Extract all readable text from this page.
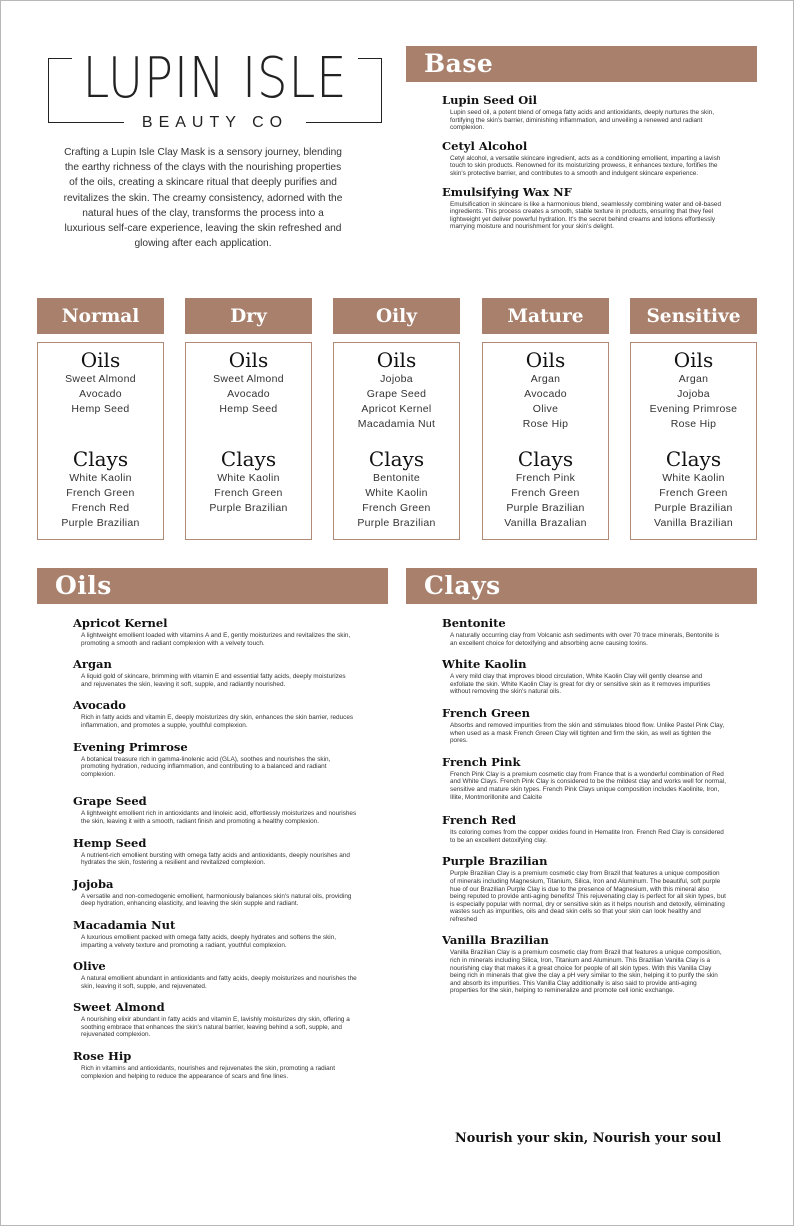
LUPIN ISLE
BEAUTY CO
Crafting a Lupin Isle Clay Mask is a sensory journey, blending the earthy richness of the clays with the nourishing properties of the oils, creating a skincare ritual that deeply purifies and revitalizes the skin. The creamy consistency, adorned with the natural hues of the clay, transforms the process into a luxurious self-care experience, leaving the skin refreshed and glowing after each application.
Base
Lupin Seed Oil
Lupin seed oil, a potent blend of omega fatty acids and antioxidants, deeply nurtures the skin, fortifying the skin's barrier, diminishing inflammation, and unveiling a renewed and radiant complexion.
Cetyl Alcohol
Cetyl alcohol, a versatile skincare ingredient, acts as a conditioning emollient, imparting a lavish touch to skin products. Renowned for its moisturizing prowess, it enhances texture, fortifies the skin's protective barrier, and contributes to a smooth and indulgent skincare experience.
Emulsifying Wax NF
Emulsification in skincare is like a harmonious blend, seamlessly combining water and oil-based ingredients. This process creates a smooth, stable texture in products, ensuring that they feel lightweight yet deliver powerful hydration. It's the secret behind creams and lotions effortlessly marrying moisture and nourishment for your skin's delight.
Normal
Oils
Sweet Almond
Avocado
Hemp Seed
Clays
White Kaolin
French Green
French Red
Purple Brazilian
Dry
Oils
Sweet Almond
Avocado
Hemp Seed
Clays
White Kaolin
French Green
Purple Brazilian
Oily
Oils
Jojoba
Grape Seed
Apricot Kernel
Macadamia Nut
Clays
Bentonite
White Kaolin
French Green
Purple Brazilian
Mature
Oils
Argan
Avocado
Olive
Rose Hip
Clays
French Pink
French Green
Purple Brazilian
Vanilla Brazalian
Sensitive
Oils
Argan
Jojoba
Evening Primrose
Rose Hip
Clays
White Kaolin
French Green
Purple Brazilian
Vanilla Brazilian
Oils
Apricot Kernel
A lightweight emollient loaded with vitamins A and E, gently moisturizes and revitalizes the skin, promoting a smooth and radiant complexion with a velvety touch.
Argan
A liquid gold of skincare, brimming with vitamin E and essential fatty acids, deeply moisturizes and rejuvenates the skin, leaving it soft, supple, and radiantly nourished.
Avocado
Rich in fatty acids and vitamin E, deeply moisturizes dry skin, enhances the skin barrier, reduces inflammation, and promotes a supple, youthful complexion.
Evening Primrose
A botanical treasure rich in gamma-linolenic acid (GLA), soothes and nourishes the skin, promoting hydration, reducing inflammation, and contributing to a balanced and radiant complexion.
Grape Seed
A lightweight emollient rich in antioxidants and linoleic acid, effortlessly moisturizes and nourishes the skin, leaving it with a smooth, radiant finish and promoting a healthy complexion.
Hemp Seed
A nutrient-rich emollient bursting with omega fatty acids and antioxidants, deeply nourishes and hydrates the skin, fostering a resilient and revitalized complexion.
Jojoba
A versatile and non-comedogenic emollient, harmoniously balances skin's natural oils, providing deep hydration, enhancing elasticity, and leaving the skin supple and radiant.
Macadamia Nut
A luxurious emollient packed with omega fatty acids, deeply hydrates and softens the skin, imparting a velvety texture and promoting a radiant, youthful complexion.
Olive
A natural emollient abundant in antioxidants and fatty acids, deeply moisturizes and nourishes the skin, leaving it soft, supple, and rejuvenated.
Sweet Almond
A nourishing elixir abundant in fatty acids and vitamin E, lavishly moisturizes dry skin, offering a soothing embrace that enhances the skin's natural barrier, leaving behind a soft, supple, and rejuvenated complexion.
Rose Hip
Rich in vitamins and antioxidants, nourishes and rejuvenates the skin, promoting a radiant complexion and helping to reduce the appearance of scars and fine lines.
Clays
Bentonite
A naturally occurring clay from Volcanic ash sediments with over 70 trace minerals, Bentonite is an excellent choice for detoxifying and absorbing acne causing toxins.
White Kaolin
A very mild clay that improves blood circulation, White Kaolin Clay will gently cleanse and exfoliate the skin. White Kaolin Clay is great for dry or sensitive skin as it removes impurities without removing the skin's natural oils.
French Green
Absorbs and removed impurities from the skin and stimulates blood flow. Unlike Pastel Pink Clay, when used as a mask French Green Clay will tighten and firm the skin, as well as tighten the pores.
French Pink
French Pink Clay is a premium cosmetic clay from France that is a wonderful combination of Red and White Clays. French Pink Clay is considered to be the mildest clay and works well for normal, sensitive and mature skin types. French Pink Clays unique composition includes Kaolinite, Iron, Illite, Montmorillonite and Calcite
French Red
Its coloring comes from the copper oxides found in Hematite Iron. French Red Clay is considered to be an excellent detoxifying clay.
Purple Brazilian
Purple Brazilian Clay is a premium cosmetic clay from Brazil that features a unique composition of minerals including Magnesium, Titanium, Silica, Iron and Aluminum. The beautiful, soft purple hue of our Brazilian Purple Clay is due to the presence of Magnesium, with this mineral also being reputed to provide anti-aging benefits! This rejuvenating clay is perfect for all skin types, but is especially popular with normal, dry or sensitive skin as it helps nourish and detoxify, eliminating wastes such as impurities, oils and dead skin cells so that your skin can look healthy and refreshed
Vanilla Brazilian
Vanilla Brazilian Clay is a premium cosmetic clay from Brazil that features a unique composition, rich in minerals including Silica, Iron, Titanium and Aluminum. This Brazilian Vanilla Clay is a nourishing clay that makes it a great choice for people of all skin types. With this Vanilla Clay being rich in minerals that give the clay a pH very similar to the skin, helping it to purify the skin and absorb its impurities. This Vanilla Clay additionally is also said to provide anti-aging properties for the skin, helping to remineralize and promote cell ionic exchange.
Nourish your skin, Nourish your soul
